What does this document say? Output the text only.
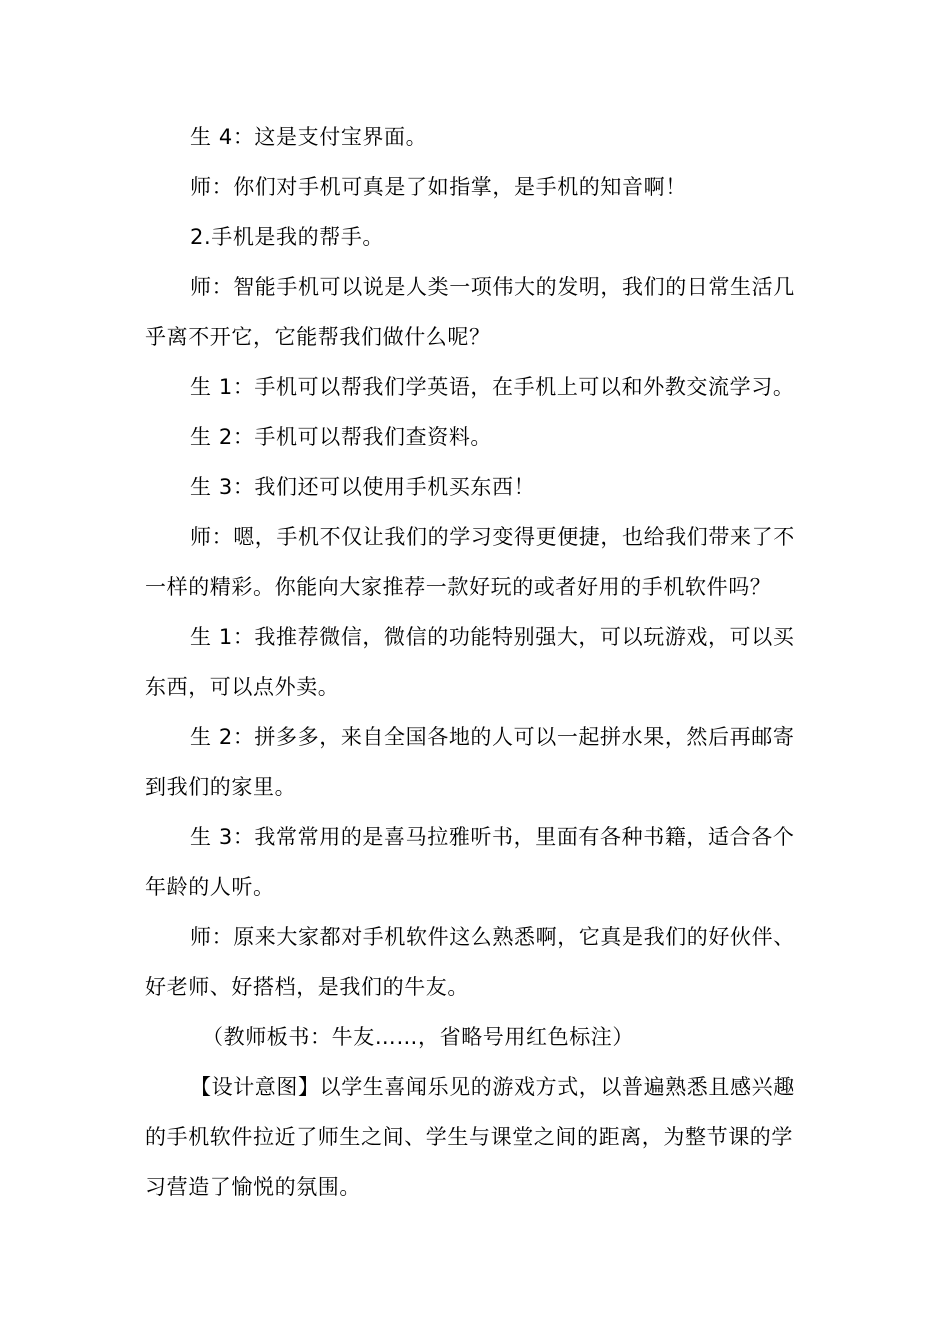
生 4：这是支付宝界面。

师：你们对手机可真是了如指掌，是手机的知音啊！

2.手机是我的帮手。

师：智能手机可以说是人类一项伟大的发明，我们的日常生活几
乎离不开它，它能帮我们做什么呢？

生 1：手机可以帮我们学英语，在手机上可以和外教交流学习。

生 2：手机可以帮我们查资料。

生 3：我们还可以使用手机买东西！

师：嗯，手机不仅让我们的学习变得更便捷，也给我们带来了不
一样的精彩。你能向大家推荐一款好玩的或者好用的手机软件吗？

生 1：我推荐微信，微信的功能特别强大，可以玩游戏，可以买
东西，可以点外卖。

生 2：拼多多，来自全国各地的人可以一起拼水果，然后再邮寄
到我们的家里。

生 3：我常常用的是喜马拉雅听书，里面有各种书籍，适合各个
年龄的人听。

师：原来大家都对手机软件这么熟悉啊，它真是我们的好伙伴、
好老师、好搭档，是我们的牛友。

（教师板书：牛友……，省略号用红色标注）

【设计意图】以学生喜闻乐见的游戏方式，以普遍熟悉且感兴趣
的手机软件拉近了师生之间、学生与课堂之间的距离，为整节课的学
习营造了愉悦的氛围。
